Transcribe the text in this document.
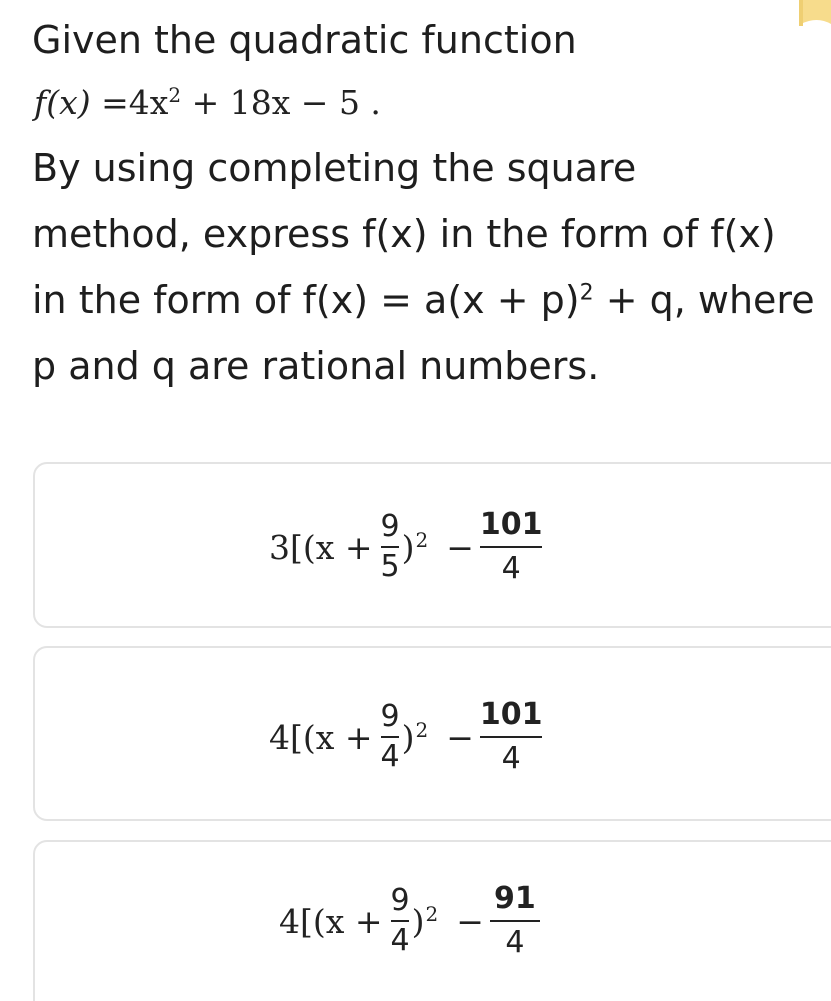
Given the quadratic function
$f(x) =4x^2 + 18x - 5$ .
By using completing the square
method, express f(x) in the form of f(x)
in the form of $f(x) = a(x + p)^2 + q$, where
p and q are rational numbers.
$3[(x + \frac{9}{5} )^2 - \frac{101}{4}$
$4[(x + \frac{9}{4} )^2 - \frac{101}{4}$
$4[(x + \frac{9}{4} )^2 - \frac{91}{4}$
